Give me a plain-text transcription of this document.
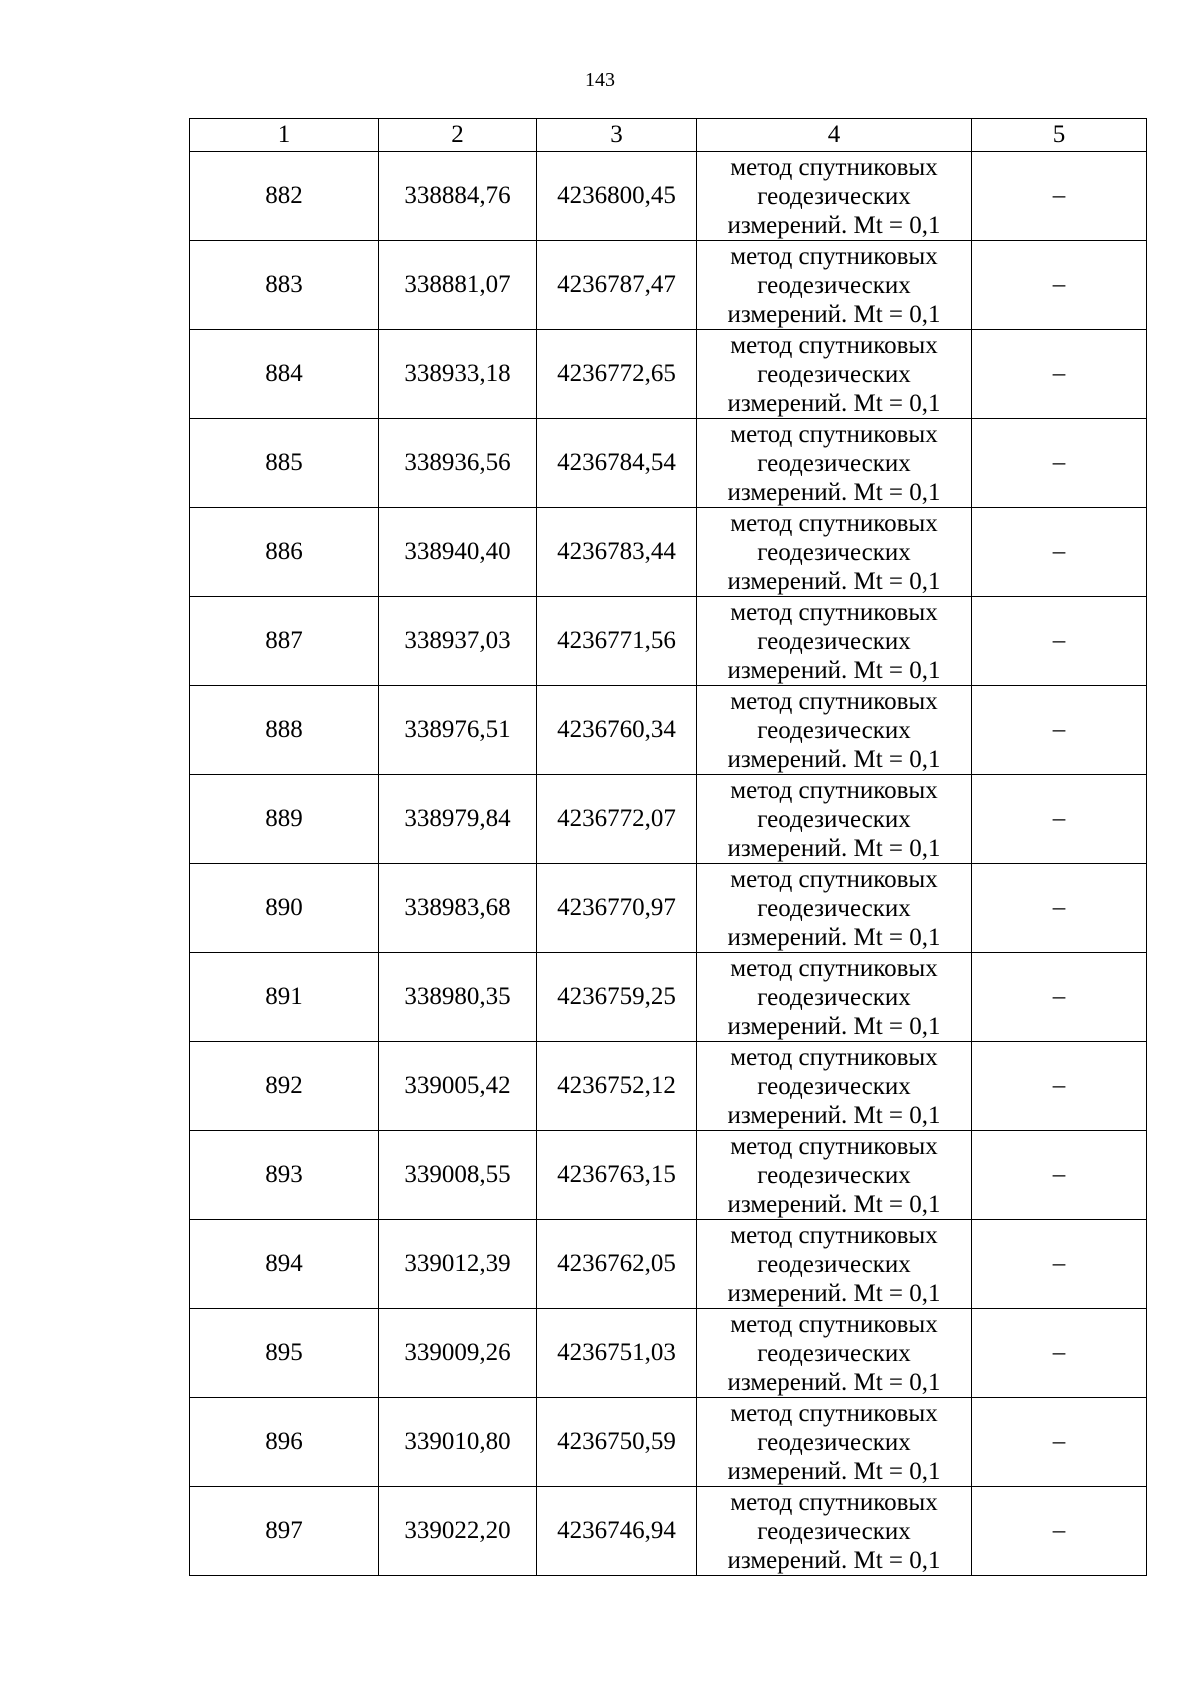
143
1	2	3	4	5
882	338884,76	4236800,45	метод спутниковых
геодезических
измерений. Mt = 0,1	–
883	338881,07	4236787,47	метод спутниковых
геодезических
измерений. Mt = 0,1	–
884	338933,18	4236772,65	метод спутниковых
геодезических
измерений. Mt = 0,1	–
885	338936,56	4236784,54	метод спутниковых
геодезических
измерений. Mt = 0,1	–
886	338940,40	4236783,44	метод спутниковых
геодезических
измерений. Mt = 0,1	–
887	338937,03	4236771,56	метод спутниковых
геодезических
измерений. Mt = 0,1	–
888	338976,51	4236760,34	метод спутниковых
геодезических
измерений. Mt = 0,1	–
889	338979,84	4236772,07	метод спутниковых
геодезических
измерений. Mt = 0,1	–
890	338983,68	4236770,97	метод спутниковых
геодезических
измерений. Mt = 0,1	–
891	338980,35	4236759,25	метод спутниковых
геодезических
измерений. Mt = 0,1	–
892	339005,42	4236752,12	метод спутниковых
геодезических
измерений. Mt = 0,1	–
893	339008,55	4236763,15	метод спутниковых
геодезических
измерений. Mt = 0,1	–
894	339012,39	4236762,05	метод спутниковых
геодезических
измерений. Mt = 0,1	–
895	339009,26	4236751,03	метод спутниковых
геодезических
измерений. Mt = 0,1	–
896	339010,80	4236750,59	метод спутниковых
геодезических
измерений. Mt = 0,1	–
897	339022,20	4236746,94	метод спутниковых
геодезических
измерений. Mt = 0,1	–
